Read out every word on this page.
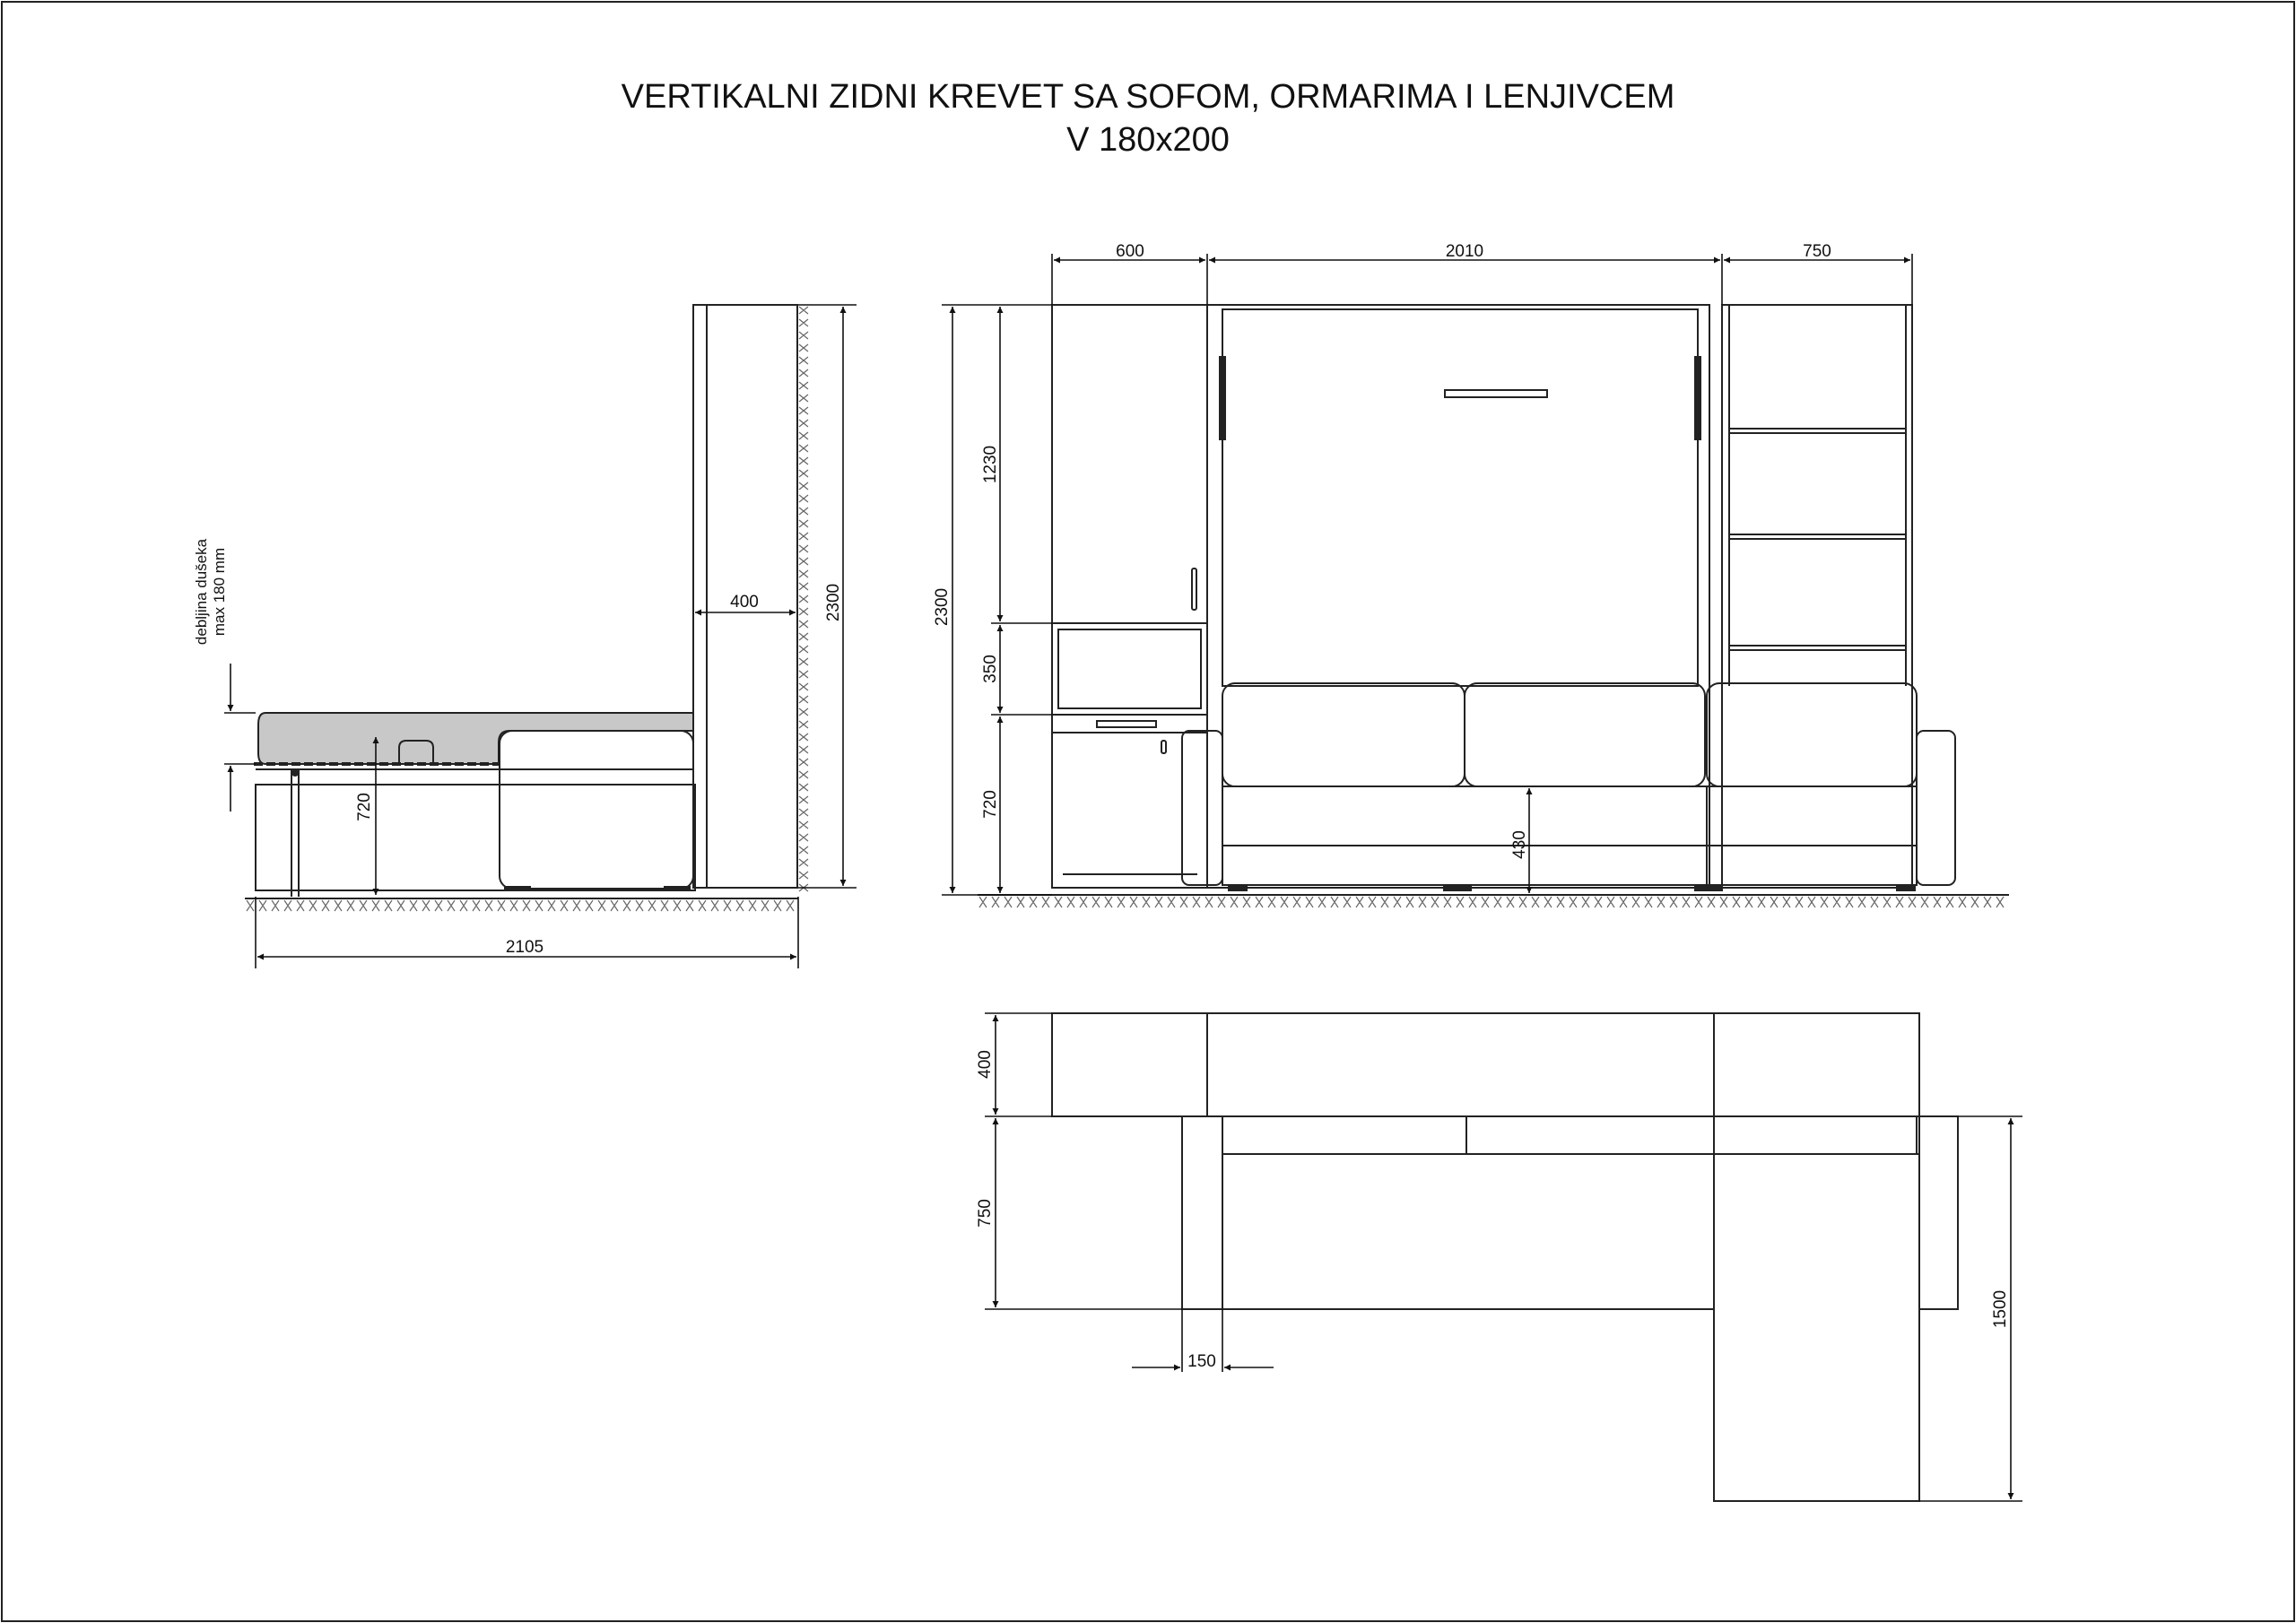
2105
2300
400
720
debljina dušeka max 180 mm
600	2010	750
2300
1230
350
720
430
400
750
150
1500
VERTIKALNI ZIDNI KREVET SA SOFOM, ORMARIMA I LENJIVCEM
V 180x200
